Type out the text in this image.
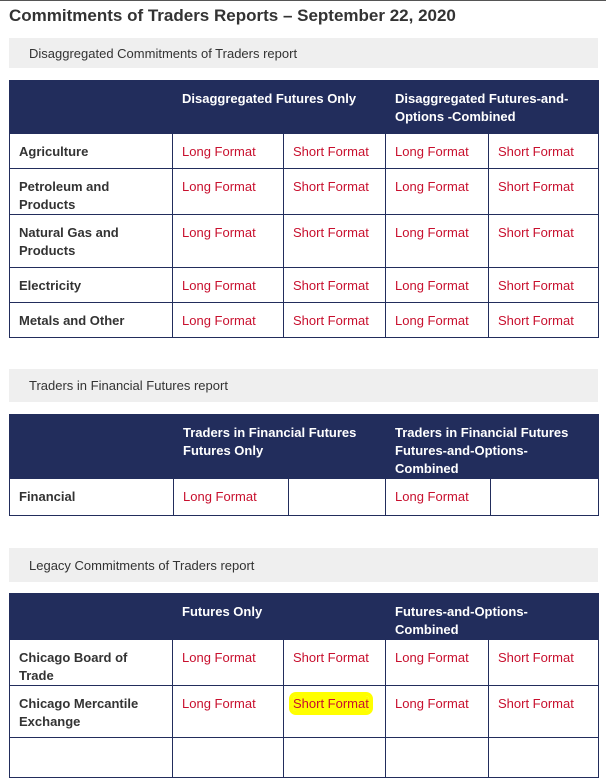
Commitments of Traders Reports – September 22, 2020
Disaggregated Commitments of Traders report
	Disaggregated Futures Only		Disaggregated Futures-and-Options -Combined	
Agriculture	Long Format	Short Format	Long Format	Short Format
Petroleum and Products	Long Format	Short Format	Long Format	Short Format
Natural Gas and Products	Long Format	Short Format	Long Format	Short Format
Electricity	Long Format	Short Format	Long Format	Short Format
Metals and Other	Long Format	Short Format	Long Format	Short Format
Traders in Financial Futures report
	Traders in Financial Futures Futures Only		Traders in Financial Futures Futures-and-Options- Combined	
Financial	Long Format		Long Format	
Legacy Commitments of Traders report
	Futures Only		Futures-and-Options-Combined	
Chicago Board of Trade	Long Format	Short Format	Long Format	Short Format
Chicago Mercantile Exchange	Long Format	Short Format	Long Format	Short Format
